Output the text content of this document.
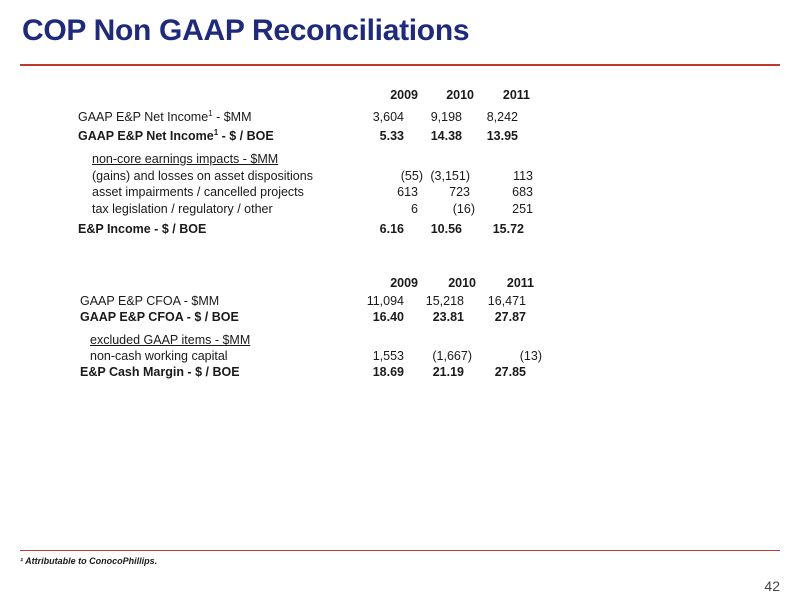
COP Non GAAP Reconciliations
2009	2010	2011
GAAP E&P Net Income$^1$ - $MM	3,604	9,198	8,242
GAAP E&P Net Income$^1$ - $ / BOE	5.33	14.38	13.95
non-core earnings impacts - $MM
(gains) and losses on asset dispositions	(55) (3,151)	113
asset impairments / cancelled projects	613	723	683
tax legislation / regulatory / other	6	(16)	251
E&P Income - $ / BOE	6.16	10.56	15.72
2009	2010	2011
GAAP E&P CFOA - $MM	11,094	15,218	16,471
GAAP E&P CFOA - $ / BOE	16.40	23.81	27.87
excluded GAAP items - $MM
non-cash working capital	1,553	(1,667)	(13)
E&P Cash Margin - $ / BOE	18.69	21.19	27.85
¹ Attributable to ConocoPhillips.
42
